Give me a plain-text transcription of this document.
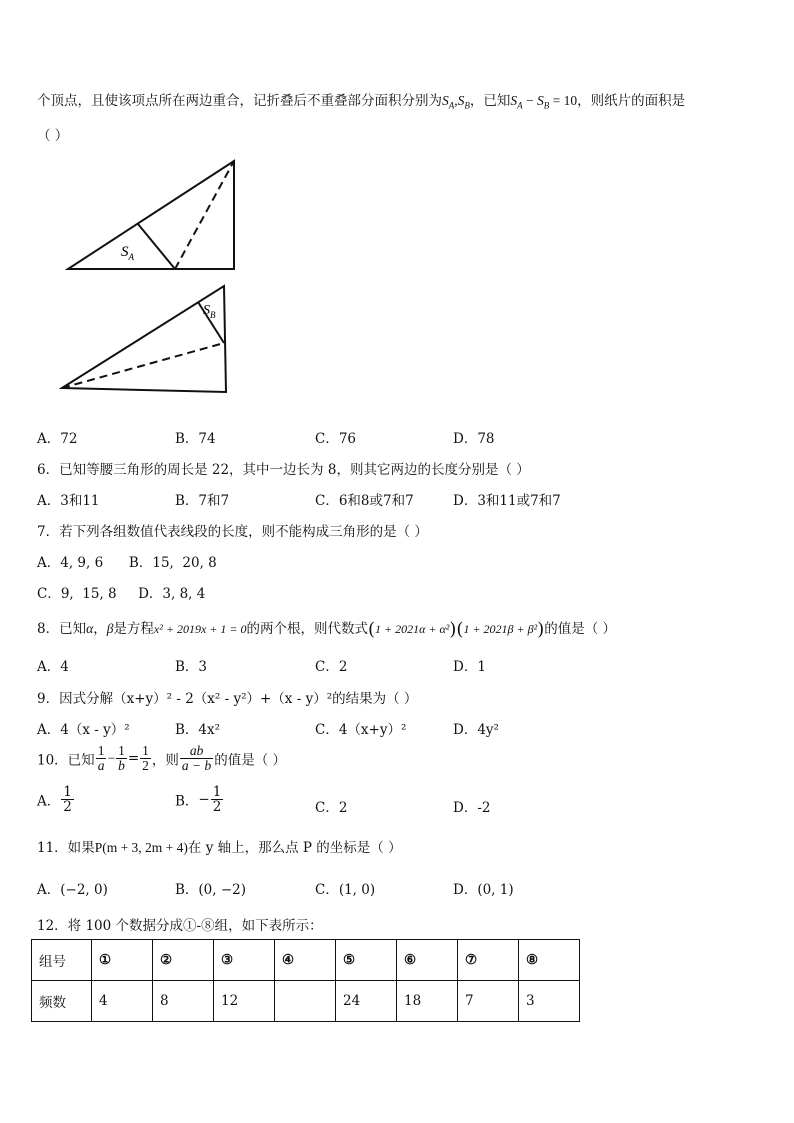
个顶点，且使该项点所在两边重合，记折叠后不重叠部分面积分别为$S_A,S_B$，已知$S_A - S_B = 10$，则纸片的面积是
（ ）
$S_A$
$S_B$
A．72	B．74	C．76	D．78
6．已知等腰三角形的周长是 22，其中一边长为 8，则其它两边的长度分别是（ ）
A．3和11	B．7和7	C．6和8或7和7	D．3和11或7和7
7．若下列各组数值代表线段的长度，则不能构成三角形的是（ ）
A．4, 9, 6      B．15,  20, 8
C．9,  15, 8     D．3, 8, 4
8．已知α，β是方程x² + 2019x + 1 = 0的两个根，则代数式(1 + 2021α + α²)(1 + 2021β + β²)的值是（ ）
A．4	B．3	C．2	D．1
9．因式分解（x+y）² - 2（x² - y²）+（x - y）²的结果为（ ）
A．4（x - y）²	B．4x²	C．4（x+y）²	D．4y²
10．已知 $\frac{1}{a} - \frac{1}{b} = \frac{1}{2}$ ，则 $\frac{ab}{a - b}$ 的值是（ ）
A． $\frac{1}{2}$	B．− $\frac{1}{2}$	C．2	D．-2
11．如果P(m + 3, 2m + 4)在 y 轴上，那么点 P 的坐标是（ ）
A．(−2, 0)	B．(0, −2)	C．(1, 0)	D．(0, 1)
12．将 100 个数据分成①-⑧组，如下表所示：
组号	①	②	③	④	⑤	⑥	⑦	⑧
频数	4	8	12		24	18	7	3
